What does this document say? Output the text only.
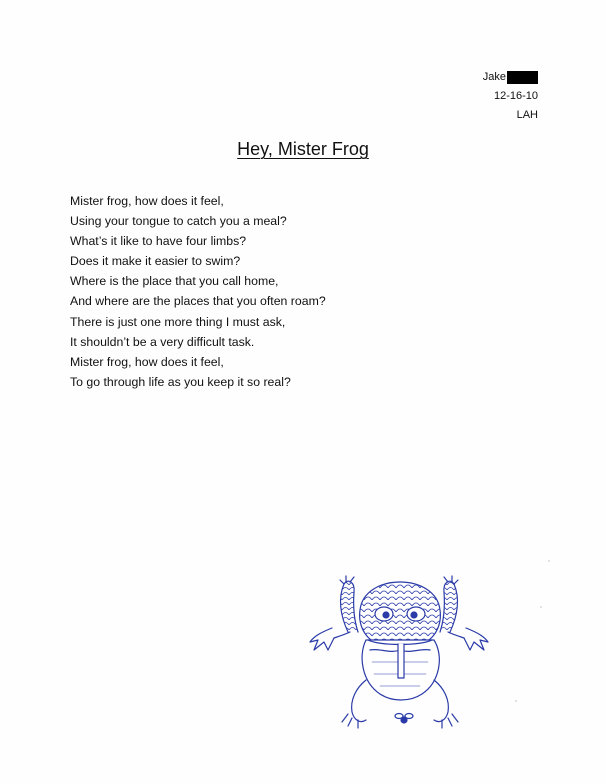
Jake
12-16-10
LAH
Hey, Mister Frog
Mister frog, how does it feel,
Using your tongue to catch you a meal?
What’s it like to have four limbs?
Does it make it easier to swim?
Where is the place that you call home,
And where are the places that you often roam?
There is just one more thing I must ask,
It shouldn’t be a very difficult task.
Mister frog, how does it feel,
To go through life as you keep it so real?
